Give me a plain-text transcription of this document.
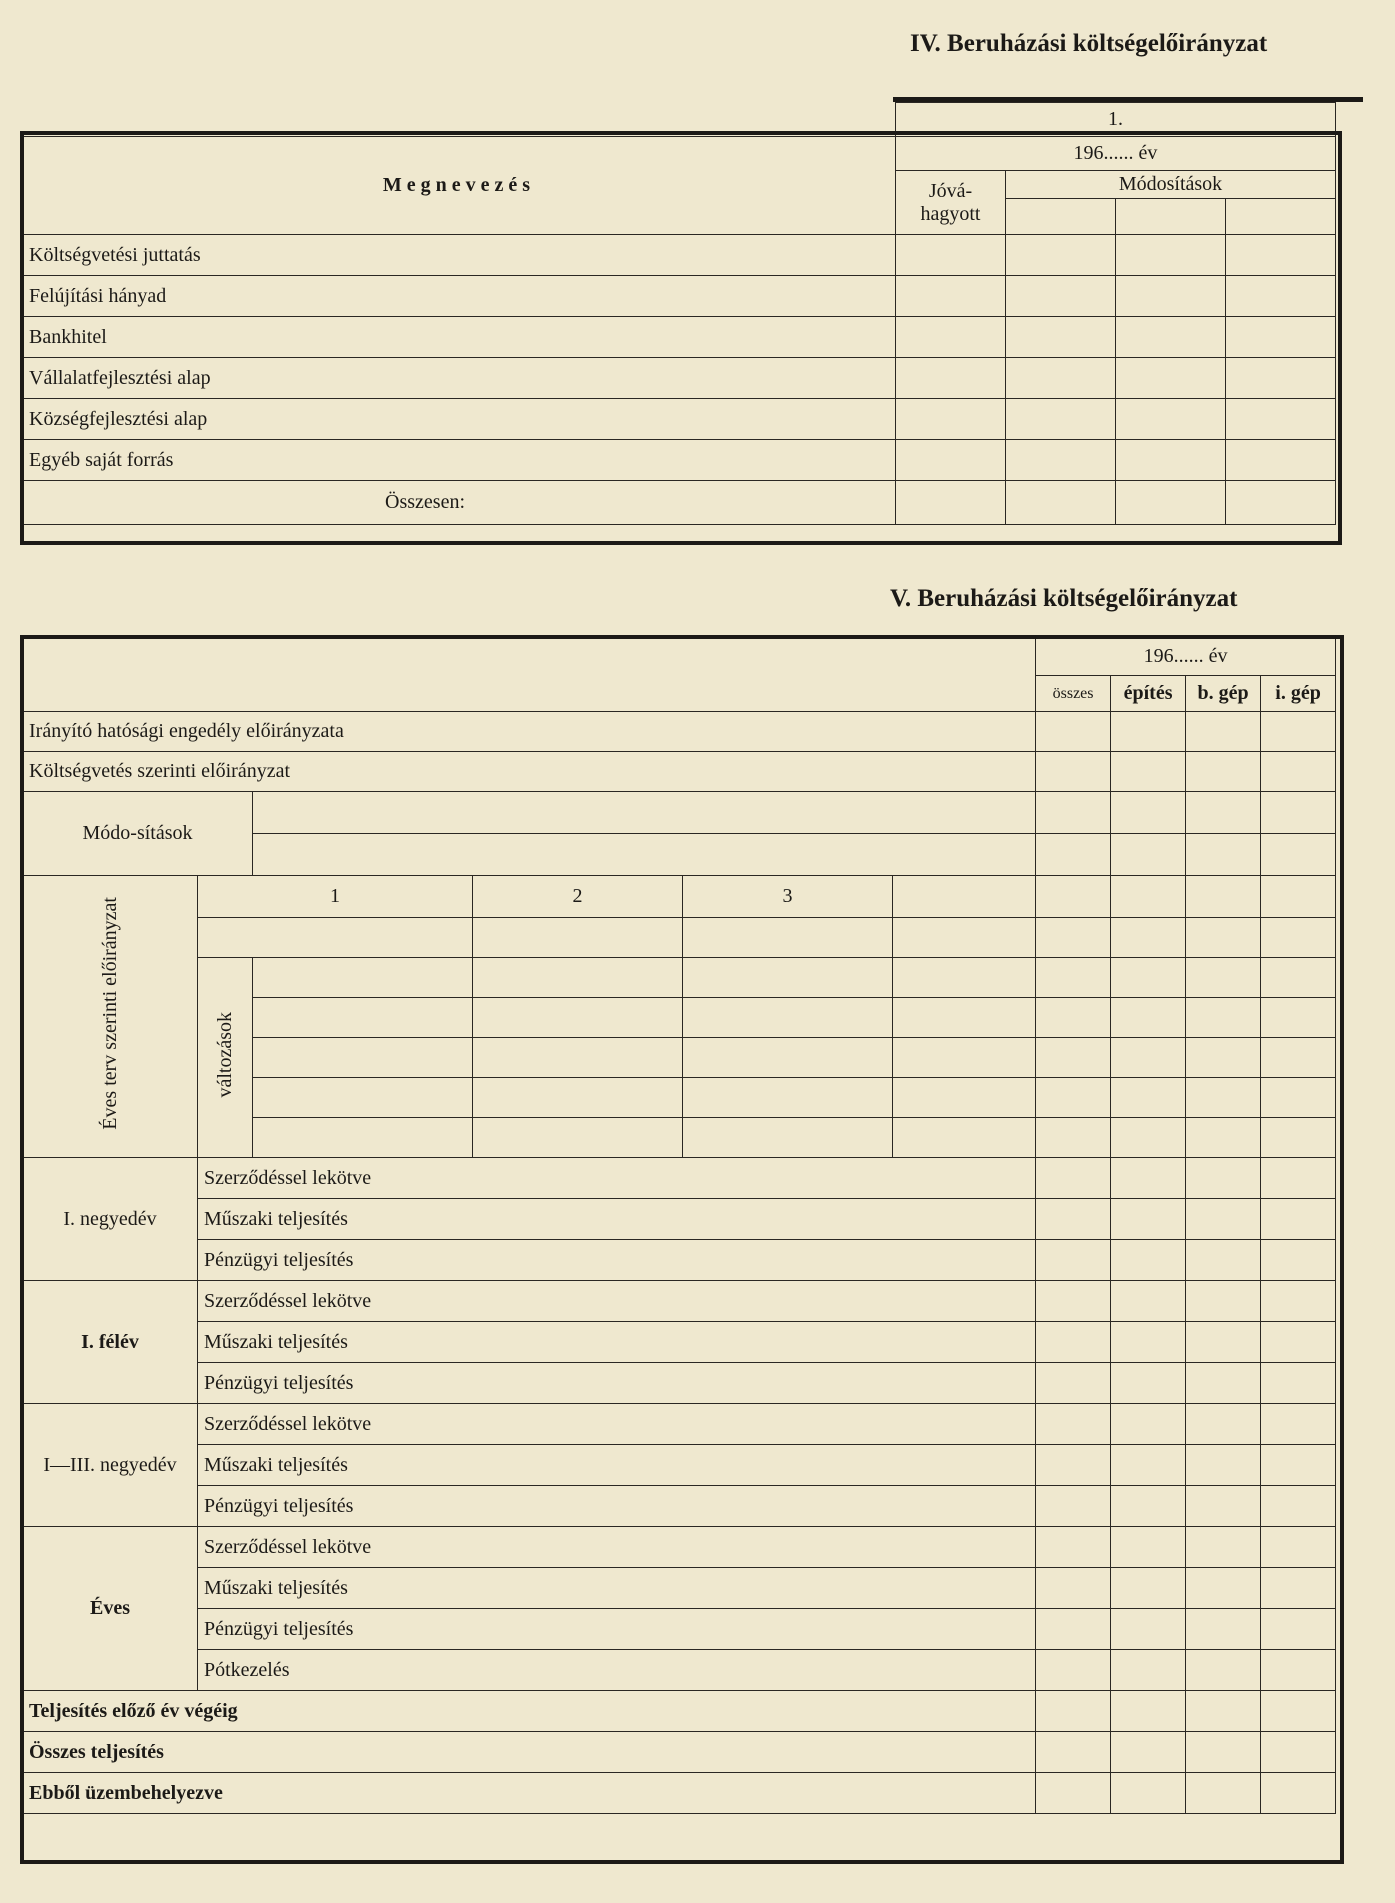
IV. Beruházási költségelőirányzat
	1.			
Megnevezés	196...... év			
	Jóvá-hagyott	Módosítások		

Költségvetési juttatás				
Felújítási hányad				
Bankhitel				
Vállalatfejlesztési alap				
Községfejlesztési alap				
Egyéb saját forrás				
Összesen:				
V. Beruházási költségelőirányzat
						196...... év			
						összes	építés	b. gép	i. gép
Irányító hatósági engedély előirányzata									
Költségvetés szerinti előirányzat									
Módo-sítások									

Éves terv szerinti előirányzat	1		2	3					

	változások								

I. negyedév	Szerződéssel lekötve								
	Műszaki teljesítés								
	Pénzügyi teljesítés								
I. félév	Szerződéssel lekötve								
	Műszaki teljesítés								
	Pénzügyi teljesítés								
I—III. negyedév	Szerződéssel lekötve								
	Műszaki teljesítés								
	Pénzügyi teljesítés								
Éves	Szerződéssel lekötve								
	Műszaki teljesítés								
	Pénzügyi teljesítés								
	Pótkezelés								
Teljesítés előző év végéig									
Összes teljesítés									
Ebből üzembehelyezve									
